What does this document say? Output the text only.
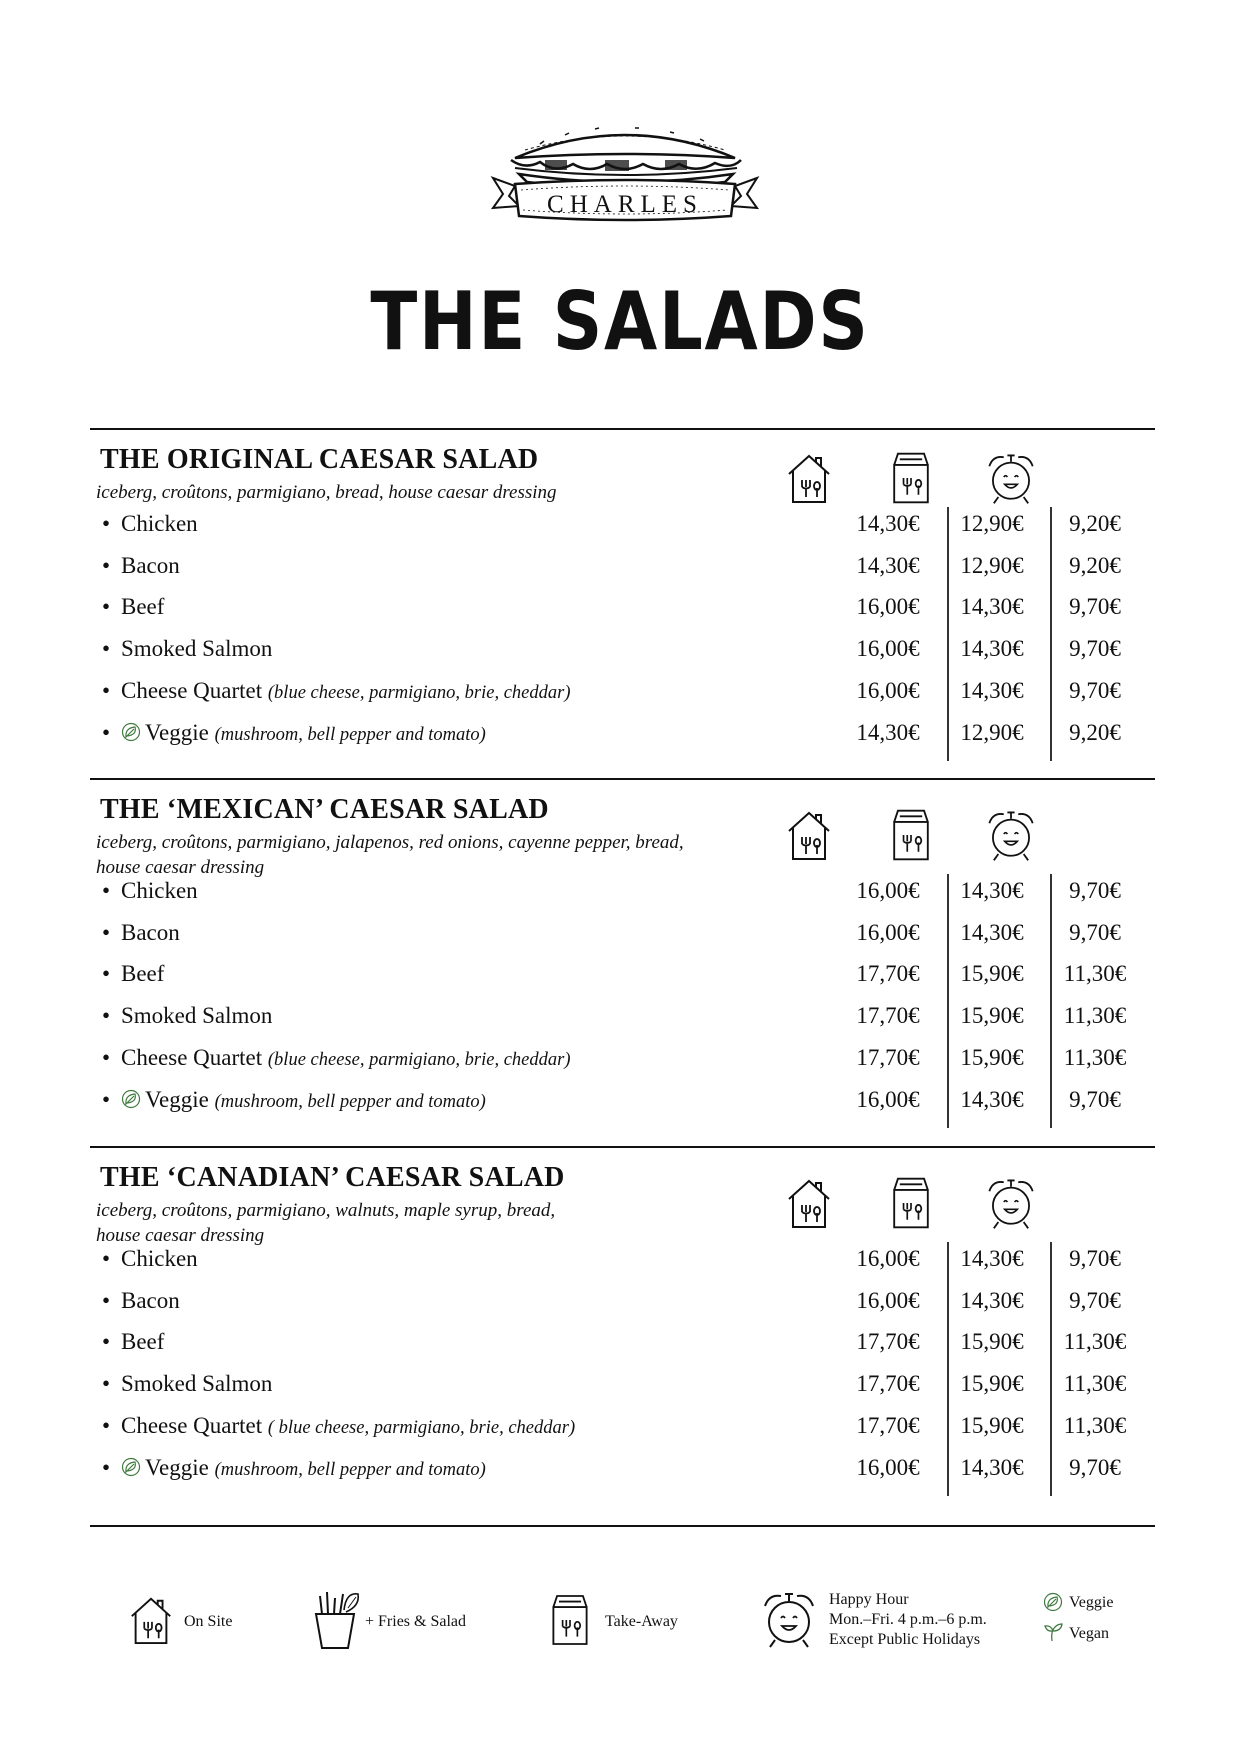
CHARLES
THE SALADS
THE ORIGINAL CAESAR SALAD
iceberg, croûtons, parmigiano, bread, house caesar dressing
• Chicken	14,30€	12,90€	9,20€
• Bacon	14,30€	12,90€	9,20€
• Beef	16,00€	14,30€	9,70€
• Smoked Salmon	16,00€	14,30€	9,70€
• Cheese Quartet (blue cheese, parmigiano, brie, cheddar)	16,00€	14,30€	9,70€
•	Veggie (mushroom, bell pepper and tomato)	14,30€	12,90€	9,20€
THE ‘MEXICAN’ CAESAR SALAD
iceberg, croûtons, parmigiano, jalapenos, red onions, cayenne pepper, bread, house caesar dressing
• Chicken	16,00€	14,30€	9,70€
• Bacon	16,00€	14,30€	9,70€
• Beef	17,70€	15,90€	11,30€
• Smoked Salmon	17,70€	15,90€	11,30€
• Cheese Quartet (blue cheese, parmigiano, brie, cheddar)	17,70€	15,90€	11,30€
•	Veggie (mushroom, bell pepper and tomato)	16,00€	14,30€	9,70€
THE ‘CANADIAN’ CAESAR SALAD
iceberg, croûtons, parmigiano, walnuts, maple syrup, bread, house caesar dressing
• Chicken	16,00€	14,30€	9,70€
• Bacon	16,00€	14,30€	9,70€
• Beef	17,70€	15,90€	11,30€
• Smoked Salmon	17,70€	15,90€	11,30€
• Cheese Quartet ( blue cheese, parmigiano, brie, cheddar)	17,70€	15,90€	11,30€
•	Veggie (mushroom, bell pepper and tomato)	16,00€	14,30€	9,70€
On Site	+ Fries & Salad	Take-Away
Happy Hour
Mon.–Fri. 4 p.m.–6 p.m.
Except Public Holidays
Veggie
Vegan
